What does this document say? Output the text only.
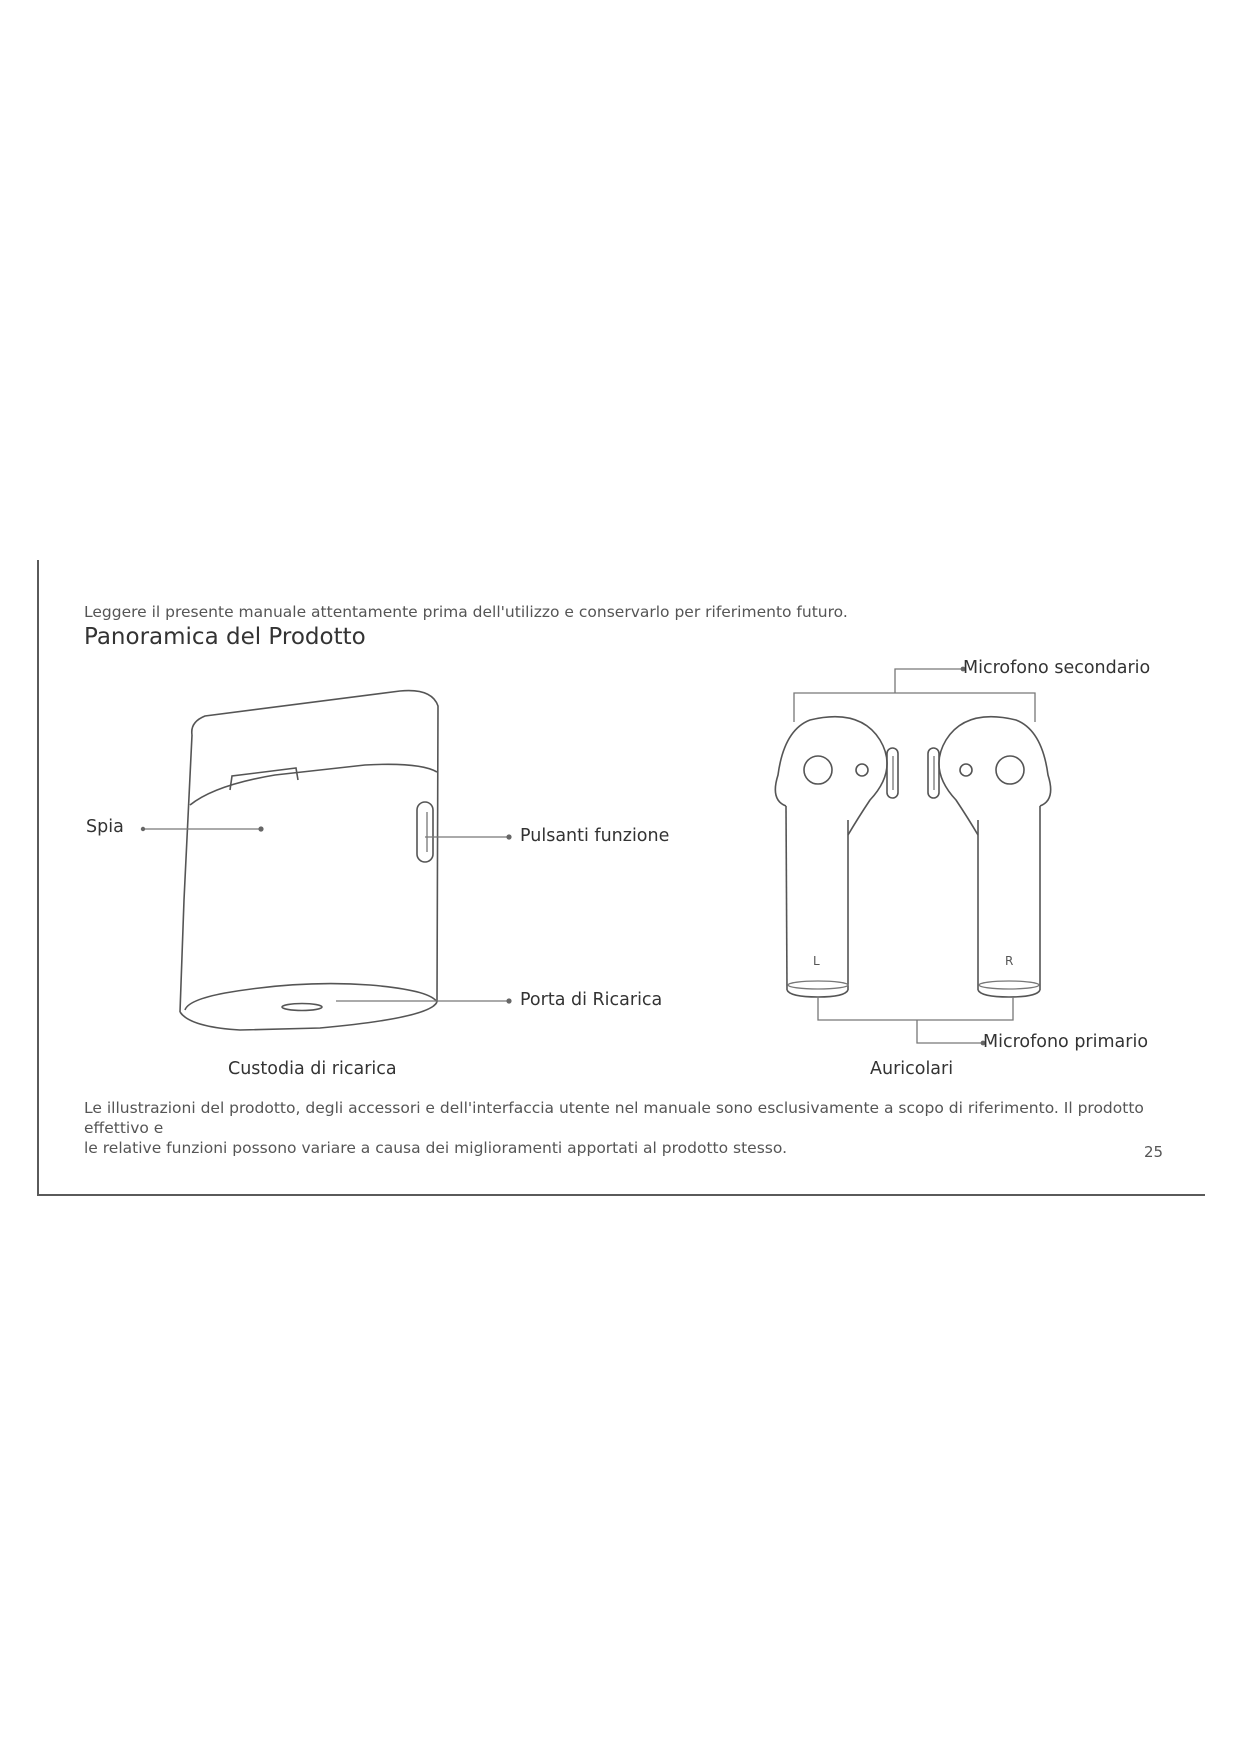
Leggere il presente manuale attentamente prima dell'utilizzo e conservarlo per riferimento futuro.
Panoramica del Prodotto
L	R
Spia	Pulsanti funzione
Porta di Ricarica
Microfono secondario
Microfono primario
Custodia di ricarica	Auricolari

Le illustrazioni del prodotto, degli accessori e dell'interfaccia utente nel manuale sono esclusivamente a scopo di riferimento. Il prodotto effettivo e

le relative funzioni possono variare a causa dei miglioramenti apportati al prodotto stesso.	25
